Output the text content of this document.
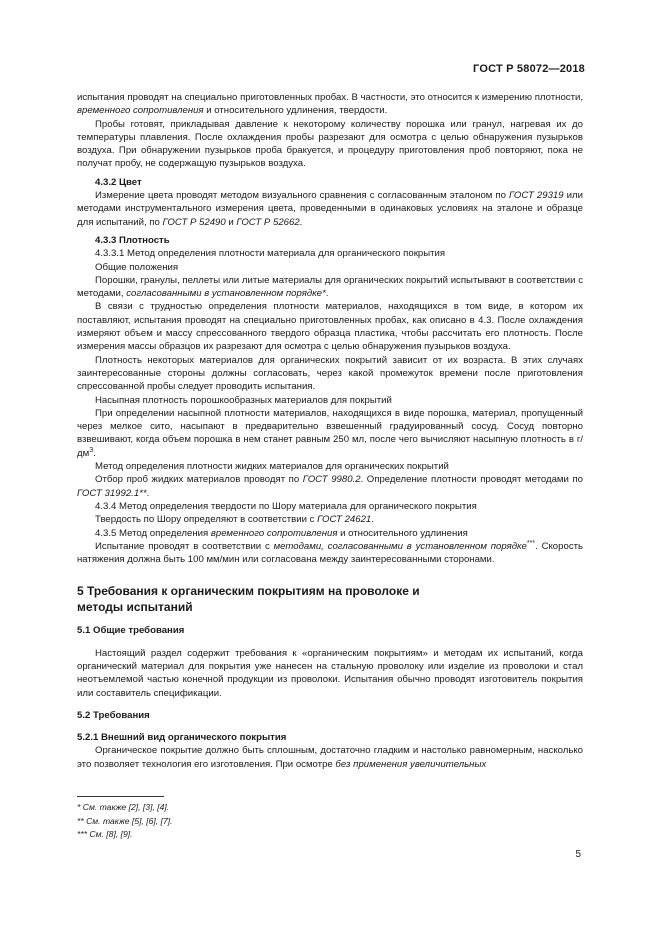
ГОСТ Р 58072—2018

испытания проводят на специально приготовленных пробах. В частности, это относится к измерению плотности, временного сопротивления и относительного удлинения, твердости.

Пробы готовят, прикладывая давление к некоторому количеству порошка или гранул, нагревая их до температуры плавления. После охлаждения пробы разрезают для осмотра с целью обнаружения пузырьков воздуха. При обнаружении пузырьков проба бракуется, и процедуру приготовления проб повторяют, пока не получат пробу, не содержащую пузырьков воздуха.

4.3.2 Цвет

Измерение цвета проводят методом визуального сравнения с согласованным эталоном по ГОСТ 29319 или методами инструментального измерения цвета, проведенными в одинаковых условиях на эталоне и образце для испытаний, по ГОСТ Р 52490 и ГОСТ Р 52662.

4.3.3 Плотность

4.3.3.1 Метод определения плотности материала для органического покрытия

Общие положения

Порошки, гранулы, пеллеты или литые материалы для органических покрытий испытывают в соответствии с методами, согласованными в установленном порядке*.

В связи с трудностью определения плотности материалов, находящихся в том виде, в котором их поставляют, испытания проводят на специально приготовленных пробах, как описано в 4.3. После охлаждения измеряют объем и массу спрессованного твердого образца пластика, чтобы рассчитать его плотность. После измерения массы образцов их разрезают для осмотра с целью обнаружения пузырьков воздуха.

Плотность некоторых материалов для органических покрытий зависит от их возраста. В этих случаях заинтересованные стороны должны согласовать, через какой промежуток времени после приготовления спрессованной пробы следует проводить испытания.

Насыпная плотность порошкообразных материалов для покрытий

При определении насыпной плотности материалов, находящихся в виде порошка, материал, пропущенный через мелкое сито, насыпают в предварительно взвешенный градуированный сосуд. Сосуд повторно взвешивают, когда объем порошка в нем станет равным 250 мл, после чего вычисляют насыпную плотность в $г/дм^3$.

Метод определения плотности жидких материалов для органических покрытий

Отбор проб жидких материалов проводят по ГОСТ 9980.2. Определение плотности проводят методами по ГОСТ 31992.1**.

4.3.4 Метод определения твердости по Шору материала для органического покрытия

Твердость по Шору определяют в соответствии с ГОСТ 24621.

4.3.5 Метод определения временного сопротивления и относительного удлинения

Испытание проводят в соответствии с методами, согласованными в установленном порядке***. Скорость натяжения должна быть 100 мм/мин или согласована между заинтересованными сторонами.

5 Требования к органическим покрытиям на проволоке и методы испытаний

5.1 Общие требования

Настоящий раздел содержит требования к «органическим покрытиям» и методам их испытаний, когда органический материал для покрытия уже нанесен на стальную проволоку или изделие из проволоки и стал неотъемлемой частью конечной продукции из проволоки. Испытания обычно проводят изготовитель покрытия или составитель спецификации.

5.2 Требования

5.2.1 Внешний вид органического покрытия

Органическое покрытие должно быть сплошным, достаточно гладким и настолько равномерным, насколько это позволяет технология его изготовления. При осмотре без применения увеличительных

* См. также [2], [3], [4].

** См. также [5], [6], [7].

*** См. [8], [9].

5
